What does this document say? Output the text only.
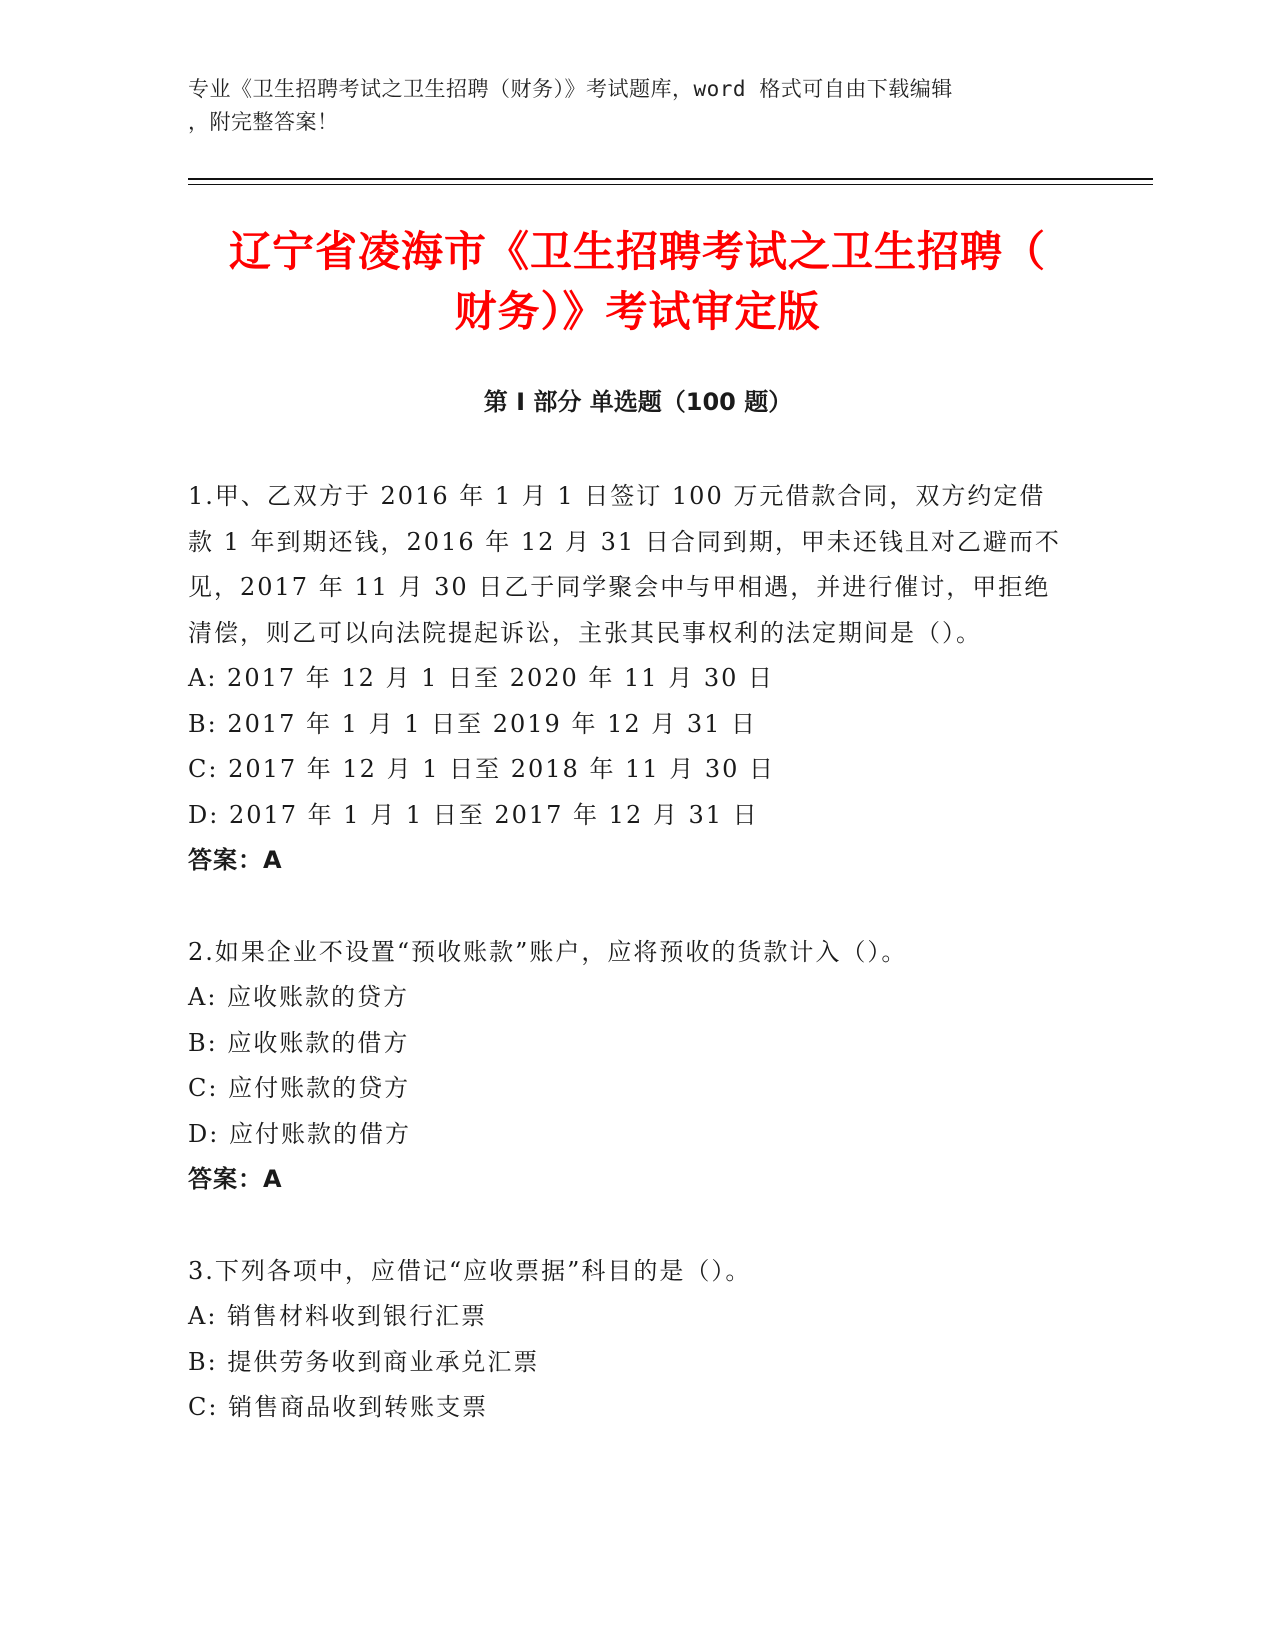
专业《卫生招聘考试之卫生招聘（财务）》考试题库，word 格式可自由下载编辑
，附完整答案！
辽宁省凌海市《卫生招聘考试之卫生招聘（
财务）》考试审定版
第 I 部分 单选题（100 题）

1.甲、乙双方于 2016 年 1 月 1 日签订 100 万元借款合同，双方约定借款 1 年到期还钱，2016 年 12 月 31 日合同到期，甲未还钱且对乙避而不见，2017 年 11 月 30 日乙于同学聚会中与甲相遇，并进行催讨，甲拒绝清偿，则乙可以向法院提起诉讼，主张其民事权利的法定期间是（）。

A: 2017 年 12 月 1 日至 2020 年 11 月 30 日

B: 2017 年 1 月 1 日至 2019 年 12 月 31 日

C: 2017 年 12 月 1 日至 2018 年 11 月 30 日

D: 2017 年 1 月 1 日至 2017 年 12 月 31 日

答案：A

2.如果企业不设置“预收账款”账户，应将预收的货款计入（）。

A: 应收账款的贷方

B: 应收账款的借方

C: 应付账款的贷方

D: 应付账款的借方

答案：A

3.下列各项中，应借记“应收票据”科目的是（）。

A: 销售材料收到银行汇票

B: 提供劳务收到商业承兑汇票

C: 销售商品收到转账支票
